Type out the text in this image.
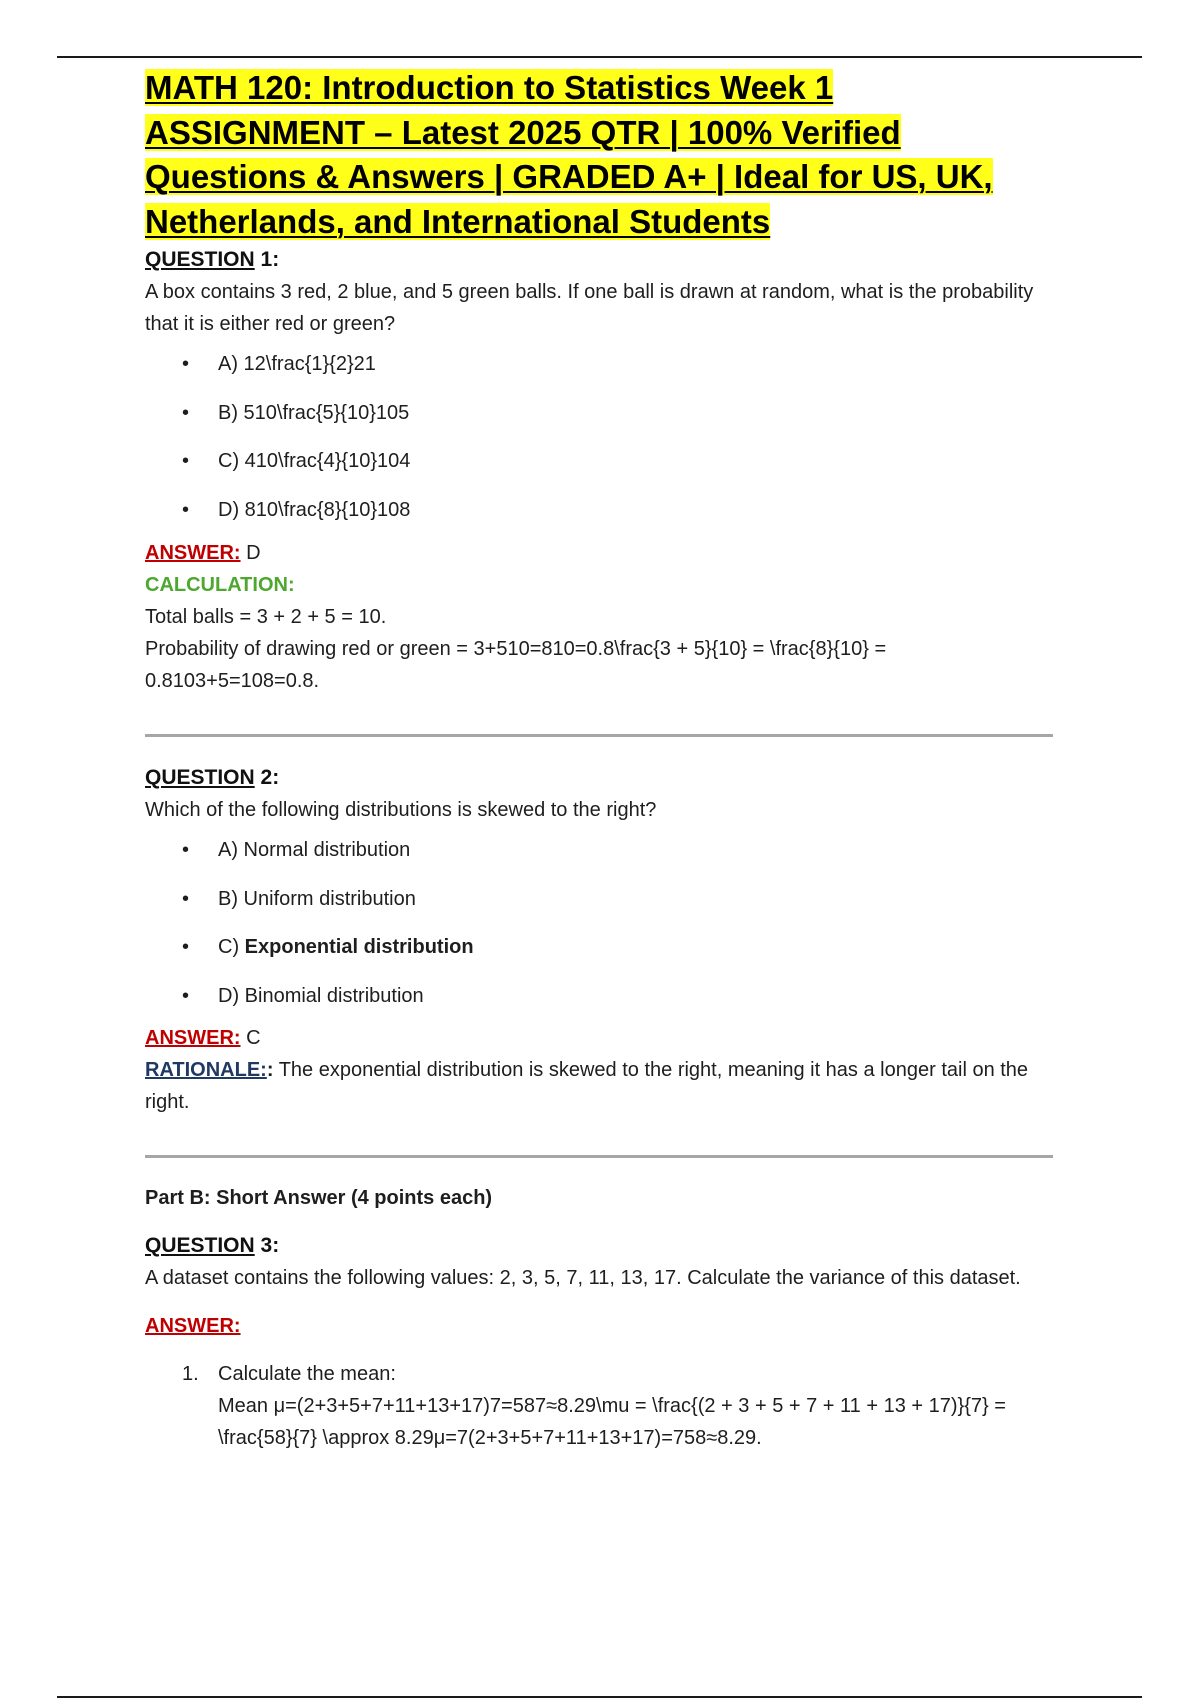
MATH 120: Introduction to Statistics Week 1
ASSIGNMENT – Latest 2025 QTR | 100% Verified
Questions & Answers | GRADED A+ | Ideal for US, UK,
Netherlands, and International Students
QUESTION 1:

A box contains 3 red, 2 blue, and 5 green balls. If one ball is drawn at random, what is the probability that it is either red or green?

• A) 12\frac{1}{2}21
• B) 510\frac{5}{10}105
• C) 410\frac{4}{10}104
• D) 810\frac{8}{10}108

ANSWER: D

CALCULATION:

Total balls = 3 + 2 + 5 = 10.

Probability of drawing red or green = 3+510=810=0.8\frac{3 + 5}{10} = \frac{8}{10} = 0.8103+5=108=0.8.

QUESTION 2:

Which of the following distributions is skewed to the right?

• A) Normal distribution
• B) Uniform distribution
• C) Exponential distribution
• D) Binomial distribution

ANSWER: C

RATIONALE:: The exponential distribution is skewed to the right, meaning it has a longer tail on the right.

Part B: Short Answer (4 points each)

QUESTION 3:

A dataset contains the following values: 2, 3, 5, 7, 11, 13, 17. Calculate the variance of this dataset.

ANSWER:

1. Calculate the mean:
Mean μ=(2+3+5+7+11+13+17)7=587≈8.29\mu = \frac{(2 + 3 + 5 + 7 + 11 + 13 + 17)}{7} = \frac{58}{7} \approx 8.29μ=7(2+3+5+7+11+13+17)=758≈8.29.
